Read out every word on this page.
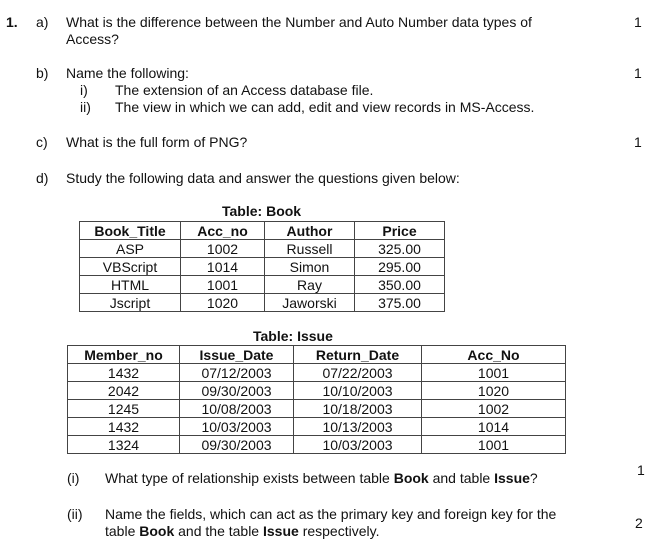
1. a) What is the difference between the Number and Auto Number data types of
Access?
1
b) Name the following:	1
i) The extension of an Access database file.
ii) The view in which we can add, edit and view records in MS-Access.
c) What is the full form of PNG?	1
d) Study the following data and answer the questions given below:
Table: Book
Book_Title	Acc_no	Author	Price
ASP	1002	Russell	325.00
VBScript	1014	Simon	295.00
HTML	1001	Ray	350.00
Jscript	1020	Jaworski	375.00
Table: Issue
Member_no	Issue_Date	Return_Date	Acc_No
1432	07/12/2003	07/22/2003	1001
2042	09/30/2003	10/10/2003	1020
1245	10/08/2003	10/18/2003	1002
1432	10/03/2003	10/13/2003	1014
1324	09/30/2003	10/03/2003	1001
1
(i) What type of relationship exists between table Book and table Issue?
(ii) Name the fields, which can act as the primary key and foreign key for the
table Book and the table Issue respectively.	2
